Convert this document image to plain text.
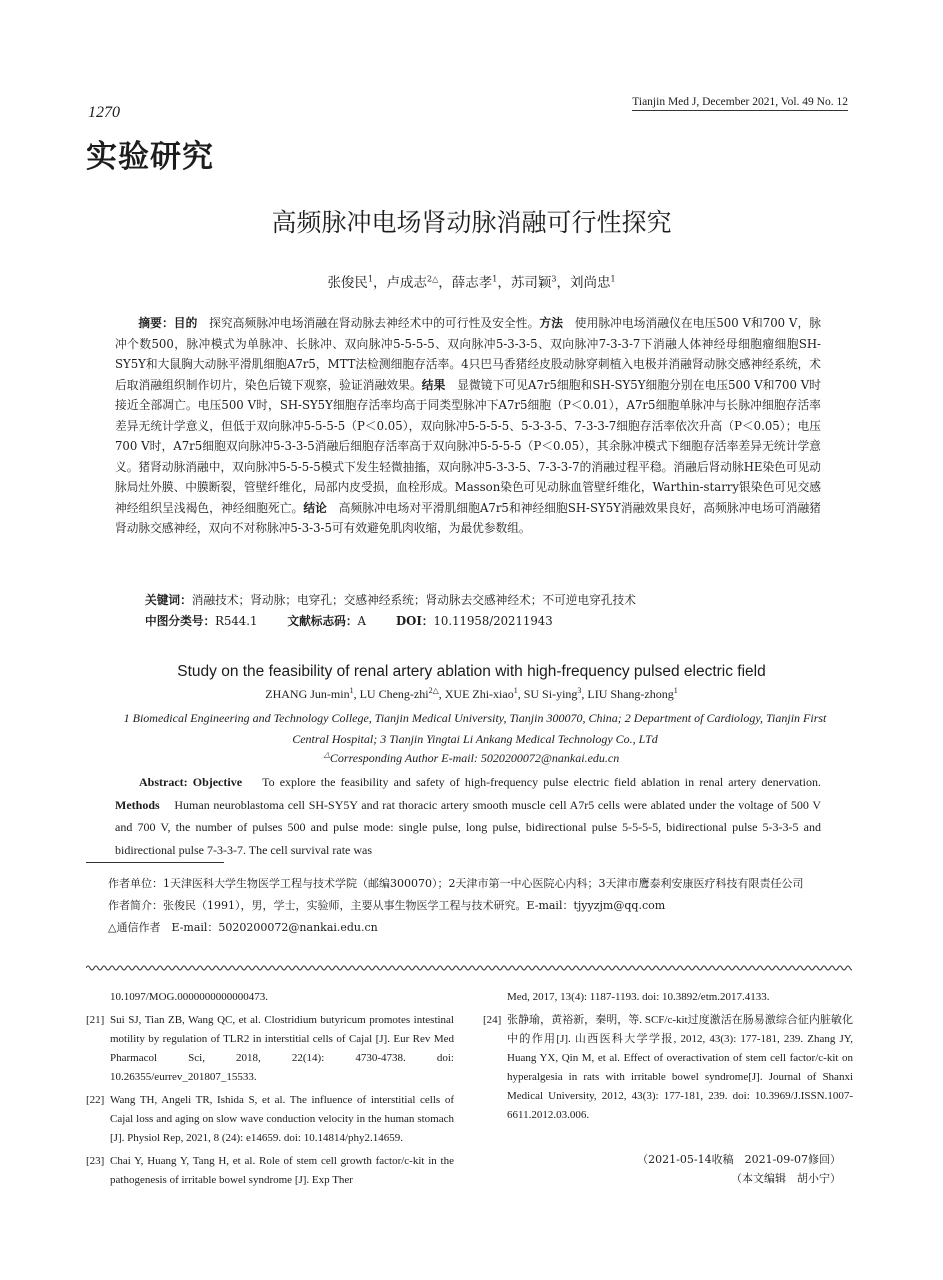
1270
Tianjin Med J, December 2021, Vol. 49 No. 12
实验研究
高频脉冲电场肾动脉消融可行性探究
张俊民$^1$，卢成志$^{2\triangle}$，薛志孝$^1$，苏司颖$^3$，刘尚忠$^1$

摘要：目的　 探究高频脉冲电场消融在肾动脉去神经术中的可行性及安全性。方法　 使用脉冲电场消融仪在电压500 V和700 V，脉冲个数500，脉冲模式为单脉冲、长脉冲、双向脉冲5-5-5-5、双向脉冲5-3-3-5、双向脉冲7-3-3-7下消融人体神经母细胞瘤细胞SH-SY5Y和大鼠胸大动脉平滑肌细胞A7r5，MTT法检测细胞存活率。4只巴马香猪经皮股动脉穿刺植入电极并消融肾动脉交感神经系统，术后取消融组织制作切片，染色后镜下观察，验证消融效果。结果　 显微镜下可见A7r5细胞和SH-SY5Y细胞分别在电压500 V和700 V时接近全部凋亡。电压500 V时，SH-SY5Y细胞存活率均高于同类型脉冲下A7r5细胞（P＜0.01），A7r5细胞单脉冲与长脉冲细胞存活率差异无统计学意义，但低于双向脉冲5-5-5-5（P＜0.05），双向脉冲5-5-5-5、5-3-3-5、7-3-3-7细胞存活率依次升高（P＜0.05）；电压700 V时，A7r5细胞双向脉冲5-3-3-5消融后细胞存活率高于双向脉冲5-5-5-5（P＜0.05），其余脉冲模式下细胞存活率差异无统计学意义。猪肾动脉消融中，双向脉冲5-5-5-5模式下发生轻微抽搐，双向脉冲5-3-3-5、7-3-3-7的消融过程平稳。消融后肾动脉HE染色可见动脉局灶外膜、中膜断裂，管壁纤维化，局部内皮受损，血栓形成。Masson染色可见动脉血管壁纤维化，Warthin-starry银染色可见交感神经组织呈浅褐色，神经细胞死亡。结论　 高频脉冲电场对平滑肌细胞A7r5和神经细胞SH-SY5Y消融效果良好，高频脉冲电场可消融猪肾动脉交感神经，双向不对称脉冲5-3-3-5可有效避免肌肉收缩，为最优参数组。

关键词：消融技术；肾动脉；电穿孔；交感神经系统；肾动脉去交感神经术；不可逆电穿孔技术
中图分类号：R544.1	文献标志码：A	DOI：10.11958/20211943
Study on the feasibility of renal artery ablation with high-frequency pulsed electric field
ZHANG Jun-$\min^1$, LU Cheng-zhi$^{2\triangle}$, XUE Zhi-xiao$^1$, SU Si-ying$^3$, LIU Shang-zhong$^1$
1 Biomedical Engineering and Technology College, Tianjin Medical University, Tianjin 300070, China; 2 Department of Cardiology, Tianjin First Central Hospital; 3 Tianjin Yingtai Li Ankang Medical Technology Co., LTd
△Corresponding Author E-mail: 5020200072@nankai.edu.cn

Abstract: Objective To explore the feasibility and safety of high-frequency pulse electric field ablation in renal artery denervation. Methods Human neuroblastoma cell SH-SY5Y and rat thoracic artery smooth muscle cell A7r5 cells were ablated under the voltage of 500 V and 700 V, the number of pulses 500 and pulse mode: single pulse, long pulse, bidirectional pulse 5-5-5-5, bidirectional pulse 5-3-3-5 and bidirectional pulse 7-3-3-7. The cell survival rate was

作者单位：1天津医科大学生物医学工程与技术学院（邮编300070）；2天津市第一中心医院心内科；3天津市鹰泰利安康医疗科技有限责任公司

作者简介：张俊民（1991），男，学士，实验师，主要从事生物医学工程与技术研究。E-mail：tjyyzjm@qq.com

△通信作者　E-mail：5020200072@nankai.edu.cn

10.1097/MOG.0000000000000473.
[21] Sui SJ, Tian ZB, Wang QC, et al. Clostridium butyricum promotes intestinal motility by regulation of TLR2 in interstitial cells of Cajal [J]. Eur Rev Med Pharmacol Sci, 2018, 22(14): 4730-4738. doi: 10.26355/eurrev_201807_15533.
[22] Wang TH, Angeli TR, Ishida S, et al. The influence of interstitial cells of Cajal loss and aging on slow wave conduction velocity in the human stomach [J]. Physiol Rep, 2021, 8 (24): e14659. doi: 10.14814/phy2.14659.
[23] Chai Y, Huang Y, Tang H, et al. Role of stem cell growth factor/c-kit in the pathogenesis of irritable bowel syndrome [J]. Exp Ther
Med, 2017, 13(4): 1187-1193. doi: 10.3892/etm.2017.4133.
[24] 张静瑜，黄裕新，秦明，等. SCF/c-kit过度激活在肠易激综合征内脏敏化中的作用[J]. 山西医科大学学报, 2012, 43(3): 177-181, 239. Zhang JY, Huang YX, Qin M, et al. Effect of overactivation of stem cell factor/c-kit on hyperalgesia in rats with irritable bowel syndrome[J]. Journal of Shanxi Medical University, 2012, 43(3): 177-181, 239. doi: 10.3969/J.ISSN.1007-6611.2012.03.006.
（2021-05-14收稿　2021-09-07修回）
（本文编辑　胡小宁）
